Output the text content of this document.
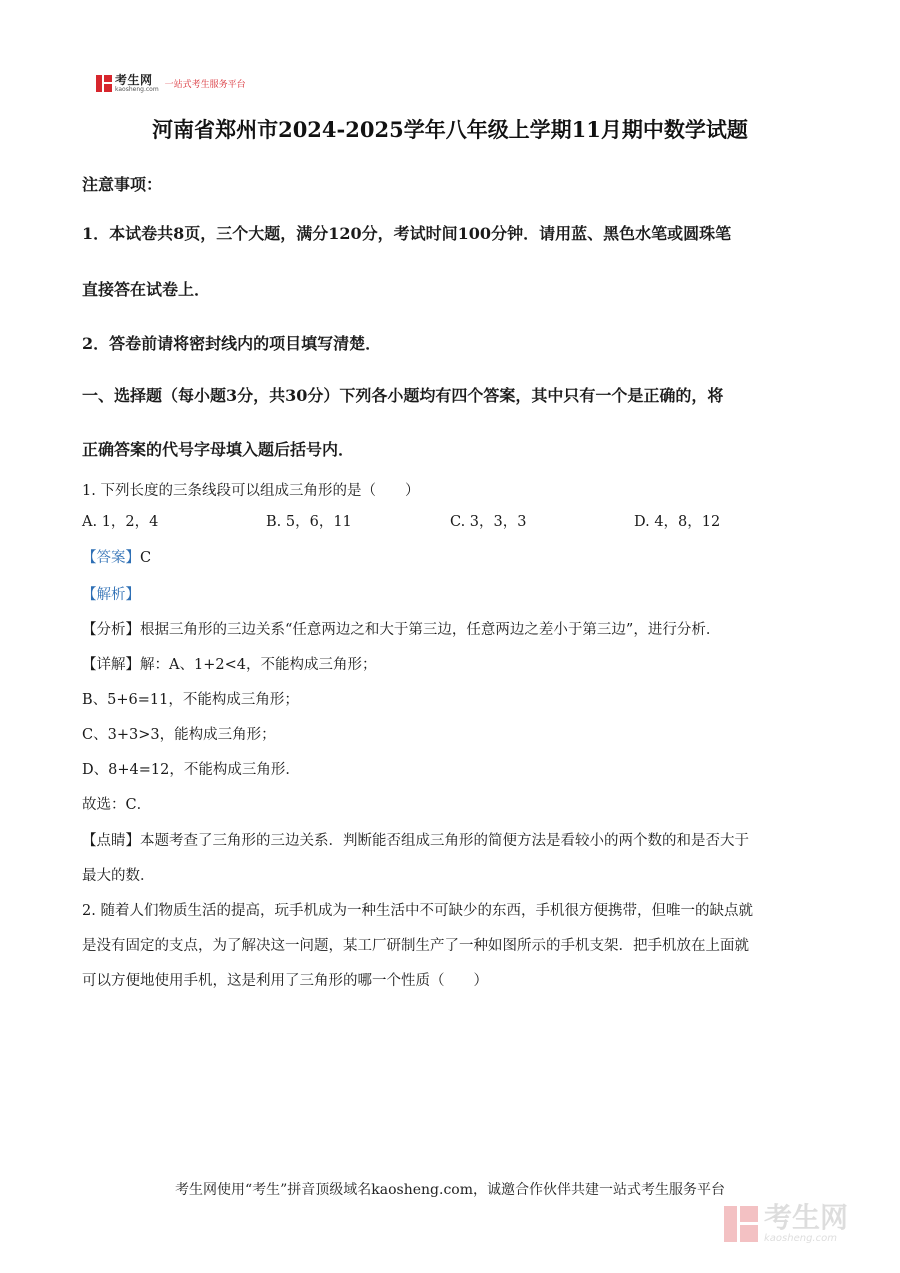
考生网
kaosheng.com 一站式考生服务平台
河南省郑州市2024-2025学年八年级上学期11月期中数学试题
注意事项：
1．本试卷共8页，三个大题，满分120分，考试时间100分钟．请用蓝、黑色水笔或圆珠笔
直接答在试卷上．
2．答卷前请将密封线内的项目填写清楚．
一、选择题（每小题3分，共30分）下列各小题均有四个答案，其中只有一个是正确的，将
正确答案的代号字母填入题后括号内．
1. 下列长度的三条线段可以组成三角形的是（　　）
A. 1，2，4	B. 5，6，11	C. 3，3，3	D. 4，8，12
【答案】C
【解析】
【分析】根据三角形的三边关系“任意两边之和大于第三边，任意两边之差小于第三边”，进行分析．
【详解】解：A、1+2<4，不能构成三角形；
B、5+6=11，不能构成三角形；
C、3+3>3，能构成三角形；
D、8+4=12，不能构成三角形．
故选：C．
【点睛】本题考查了三角形的三边关系．判断能否组成三角形的简便方法是看较小的两个数的和是否大于
最大的数．
2. 随着人们物质生活的提高，玩手机成为一种生活中不可缺少的东西，手机很方便携带，但唯一的缺点就
是没有固定的支点，为了解决这一问题，某工厂研制生产了一种如图所示的手机支架．把手机放在上面就
可以方便地使用手机，这是利用了三角形的哪一个性质（　　）
考生网使用“考生”拼音顶级域名kaosheng.com，诚邀合作伙伴共建一站式考生服务平台
考生网
kaosheng.com
